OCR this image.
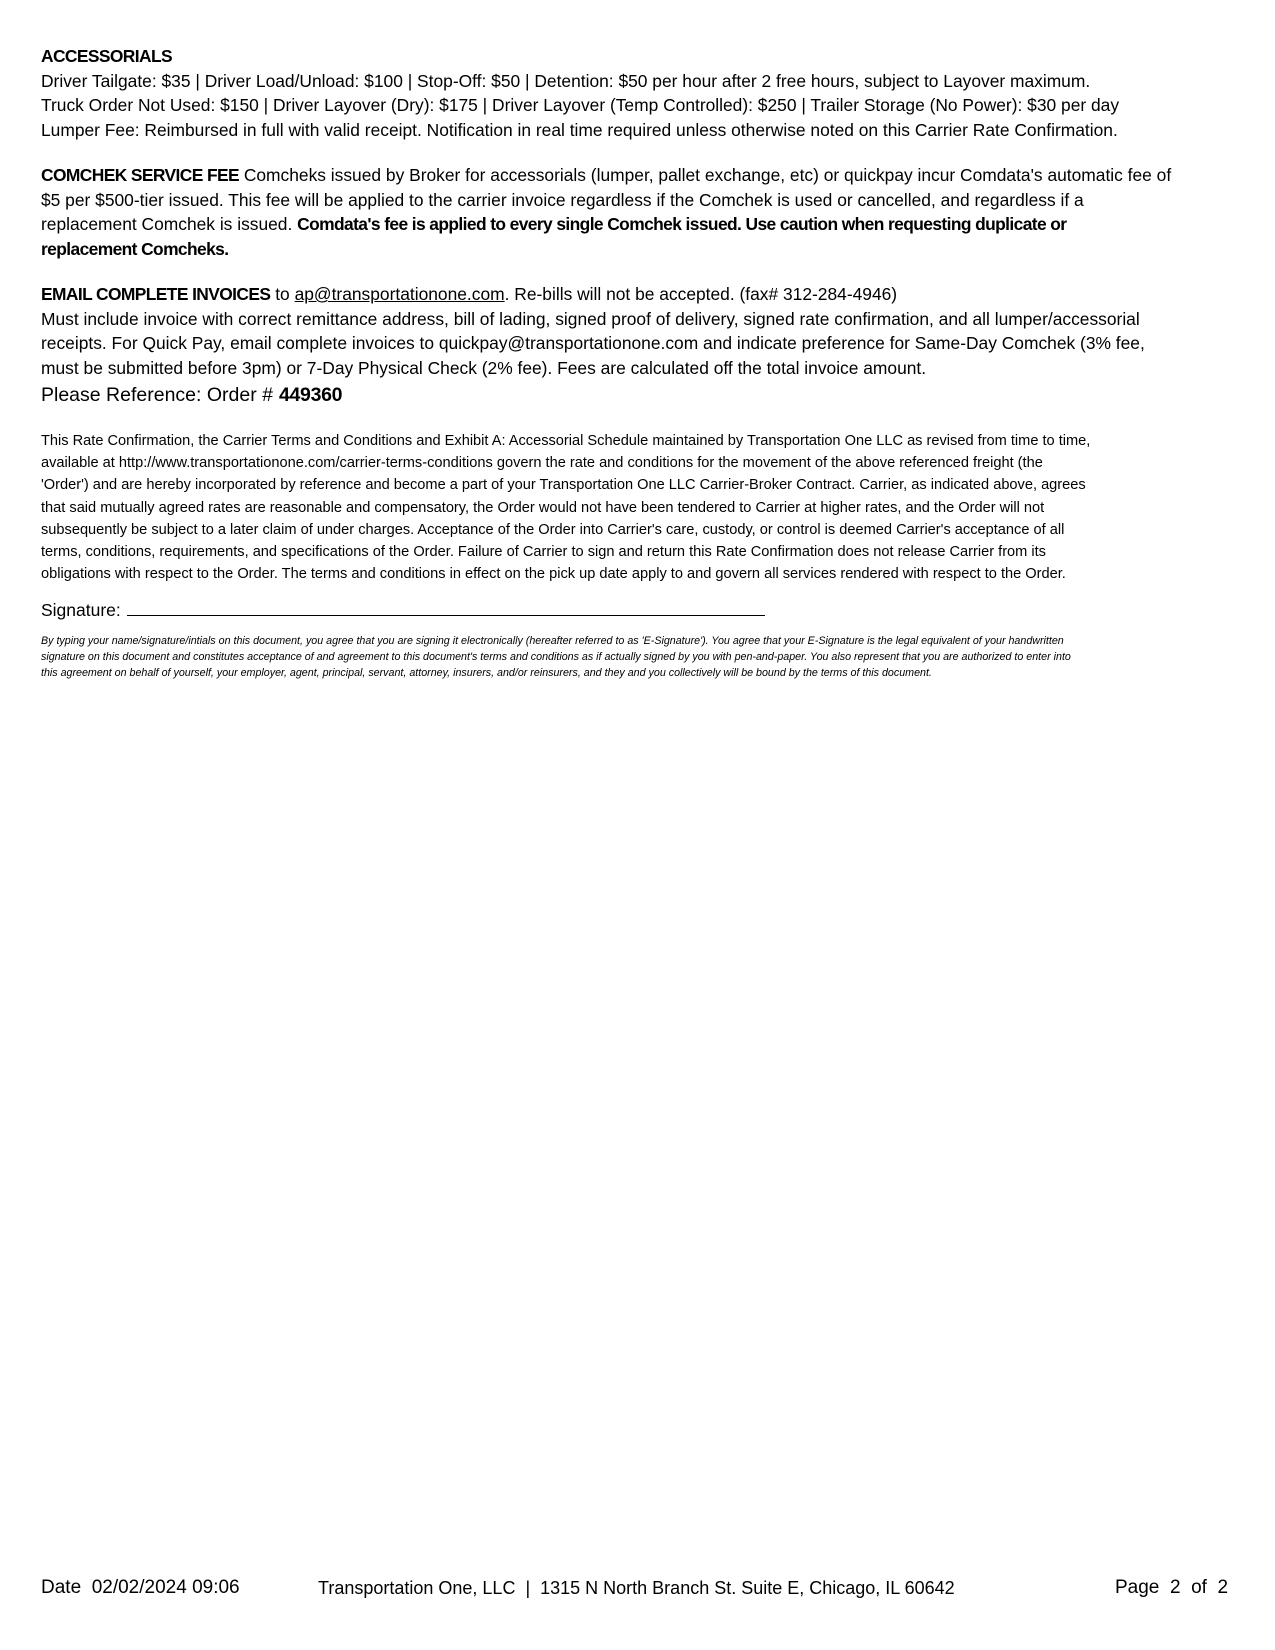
ACCESSORIALS
Driver Tailgate: $35 | Driver Load/Unload: $100 | Stop-Off: $50 | Detention: $50 per hour after 2 free hours, subject to Layover maximum.
Truck Order Not Used: $150 | Driver Layover (Dry): $175 | Driver Layover (Temp Controlled): $250 | Trailer Storage (No Power): $30 per day
Lumper Fee: Reimbursed in full with valid receipt. Notification in real time required unless otherwise noted on this Carrier Rate Confirmation.
COMCHEK SERVICE FEE Comcheks issued by Broker for accessorials (lumper, pallet exchange, etc) or quickpay incur Comdata's automatic fee of
$5 per $500-tier issued. This fee will be applied to the carrier invoice regardless if the Comchek is used or cancelled, and regardless if a
replacement Comchek is issued. Comdata's fee is applied to every single Comchek issued. Use caution when requesting duplicate or
replacement Comcheks.
EMAIL COMPLETE INVOICES to ap@transportationone.com. Re-bills will not be accepted. (fax# 312-284-4946)
Must include invoice with correct remittance address, bill of lading, signed proof of delivery, signed rate confirmation, and all lumper/accessorial
receipts. For Quick Pay, email complete invoices to quickpay@transportationone.com and indicate preference for Same-Day Comchek (3% fee,
must be submitted before 3pm) or 7-Day Physical Check (2% fee). Fees are calculated off the total invoice amount.
Please Reference: Order # 449360
This Rate Confirmation, the Carrier Terms and Conditions and Exhibit A: Accessorial Schedule maintained by Transportation One LLC as revised from time to time,
available at http://www.transportationone.com/carrier-terms-conditions govern the rate and conditions for the movement of the above referenced freight (the
'Order') and are hereby incorporated by reference and become a part of your Transportation One LLC Carrier-Broker Contract. Carrier, as indicated above, agrees
that said mutually agreed rates are reasonable and compensatory, the Order would not have been tendered to Carrier at higher rates, and the Order will not
subsequently be subject to a later claim of under charges. Acceptance of the Order into Carrier's care, custody, or control is deemed Carrier's acceptance of all
terms, conditions, requirements, and specifications of the Order. Failure of Carrier to sign and return this Rate Confirmation does not release Carrier from its
obligations with respect to the Order. The terms and conditions in effect on the pick up date apply to and govern all services rendered with respect to the Order.
Signature:
By typing your name/signature/intials on this document, you agree that you are signing it electronically (hereafter referred to as 'E-Signature'). You agree that your E-Signature is the legal equivalent of your handwritten
signature on this document and constitutes acceptance of and agreement to this document's terms and conditions as if actually signed by you with pen-and-paper. You also represent that you are authorized to enter into
this agreement on behalf of yourself, your employer, agent, principal, servant, attorney, insurers, and/or reinsurers, and they and you collectively will be bound by the terms of this document.
Date 02/02/2024 09:06	Transportation One, LLC  |  1315 N North Branch St. Suite E, Chicago, IL 60642	Page 2 of 2
